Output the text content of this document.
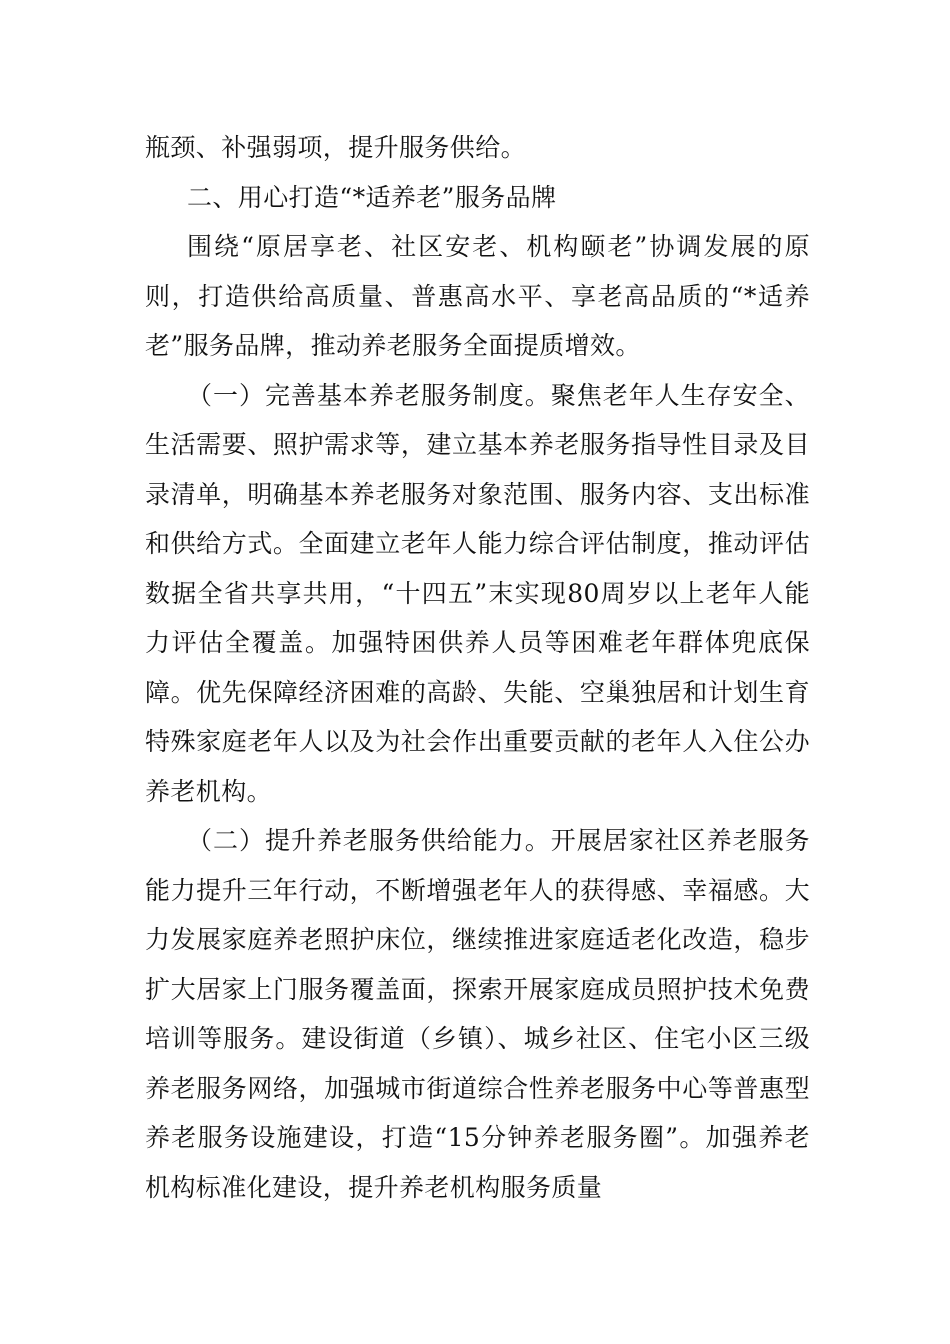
瓶颈、补强弱项，提升服务供给。

二、用心打造“*适养老”服务品牌

围绕“原居享老、社区安老、机构颐老”协调发展的原则，打造供给高质量、普惠高水平、享老高品质的“*适养老”服务品牌，推动养老服务全面提质增效。

（一）完善基本养老服务制度。聚焦老年人生存安全、生活需要、照护需求等，建立基本养老服务指导性目录及目录清单，明确基本养老服务对象范围、服务内容、支出标准和供给方式。全面建立老年人能力综合评估制度，推动评估数据全省共享共用，“十四五”末实现80周岁以上老年人能力评估全覆盖。加强特困供养人员等困难老年群体兜底保障。优先保障经济困难的高龄、失能、空巢独居和计划生育特殊家庭老年人以及为社会作出重要贡献的老年人入住公办养老机构。

（二）提升养老服务供给能力。开展居家社区养老服务能力提升三年行动，不断增强老年人的获得感、幸福感。大力发展家庭养老照护床位，继续推进家庭适老化改造，稳步扩大居家上门服务覆盖面，探索开展家庭成员照护技术免费培训等服务。建设街道（乡镇）、城乡社区、住宅小区三级养老服务网络，加强城市街道综合性养老服务中心等普惠型养老服务设施建设，打造“15分钟养老服务圈”。加强养老机构标准化建设，提升养老机构服务质量
